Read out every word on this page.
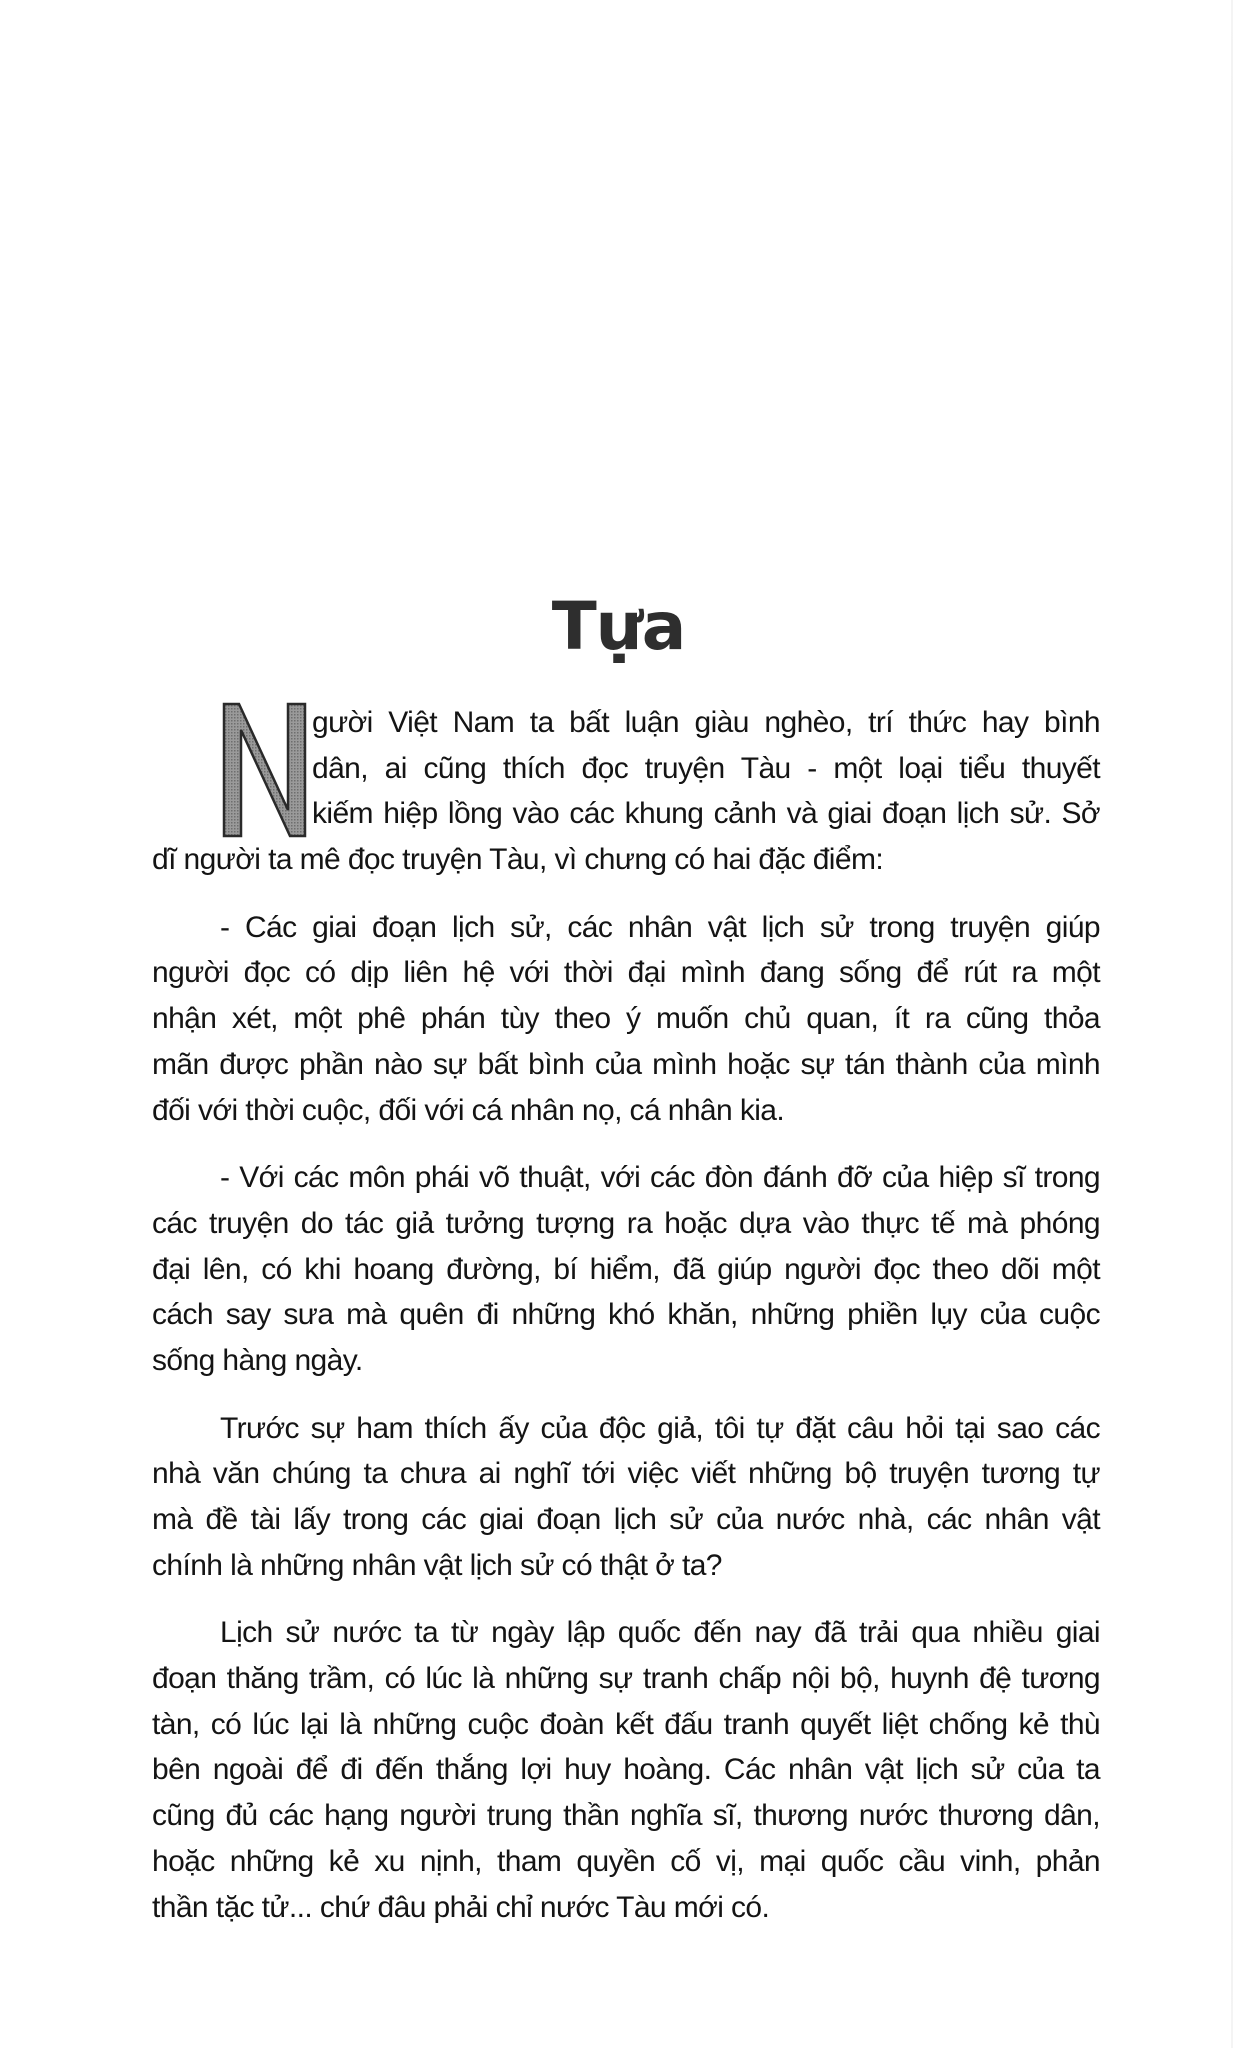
Tựa
gười Việt Nam ta bất luận giàu nghèo, trí thức hay bình
dân, ai cũng thích đọc truyện Tàu - một loại tiểu thuyết
kiếm hiệp lồng vào các khung cảnh và giai đoạn lịch sử. Sở
dĩ người ta mê đọc truyện Tàu, vì chưng có hai đặc điểm:
- Các giai đoạn lịch sử, các nhân vật lịch sử trong truyện giúp
người đọc có dịp liên hệ với thời đại mình đang sống để rút ra một
nhận xét, một phê phán tùy theo ý muốn chủ quan, ít ra cũng thỏa
mãn được phần nào sự bất bình của mình hoặc sự tán thành của mình
đối với thời cuộc, đối với cá nhân nọ, cá nhân kia.
- Với các môn phái võ thuật, với các đòn đánh đỡ của hiệp sĩ trong
các truyện do tác giả tưởng tượng ra hoặc dựa vào thực tế mà phóng
đại lên, có khi hoang đường, bí hiểm, đã giúp người đọc theo dõi một
cách say sưa mà quên đi những khó khăn, những phiền lụy của cuộc
sống hàng ngày.
Trước sự ham thích ấy của độc giả, tôi tự đặt câu hỏi tại sao các
nhà văn chúng ta chưa ai nghĩ tới việc viết những bộ truyện tương tự
mà đề tài lấy trong các giai đoạn lịch sử của nước nhà, các nhân vật
chính là những nhân vật lịch sử có thật ở ta?
Lịch sử nước ta từ ngày lập quốc đến nay đã trải qua nhiều giai
đoạn thăng trầm, có lúc là những sự tranh chấp nội bộ, huynh đệ tương
tàn, có lúc lại là những cuộc đoàn kết đấu tranh quyết liệt chống kẻ thù
bên ngoài để đi đến thắng lợi huy hoàng. Các nhân vật lịch sử của ta
cũng đủ các hạng người trung thần nghĩa sĩ, thương nước thương dân,
hoặc những kẻ xu nịnh, tham quyền cố vị, mại quốc cầu vinh, phản
thần tặc tử... chứ đâu phải chỉ nước Tàu mới có.
